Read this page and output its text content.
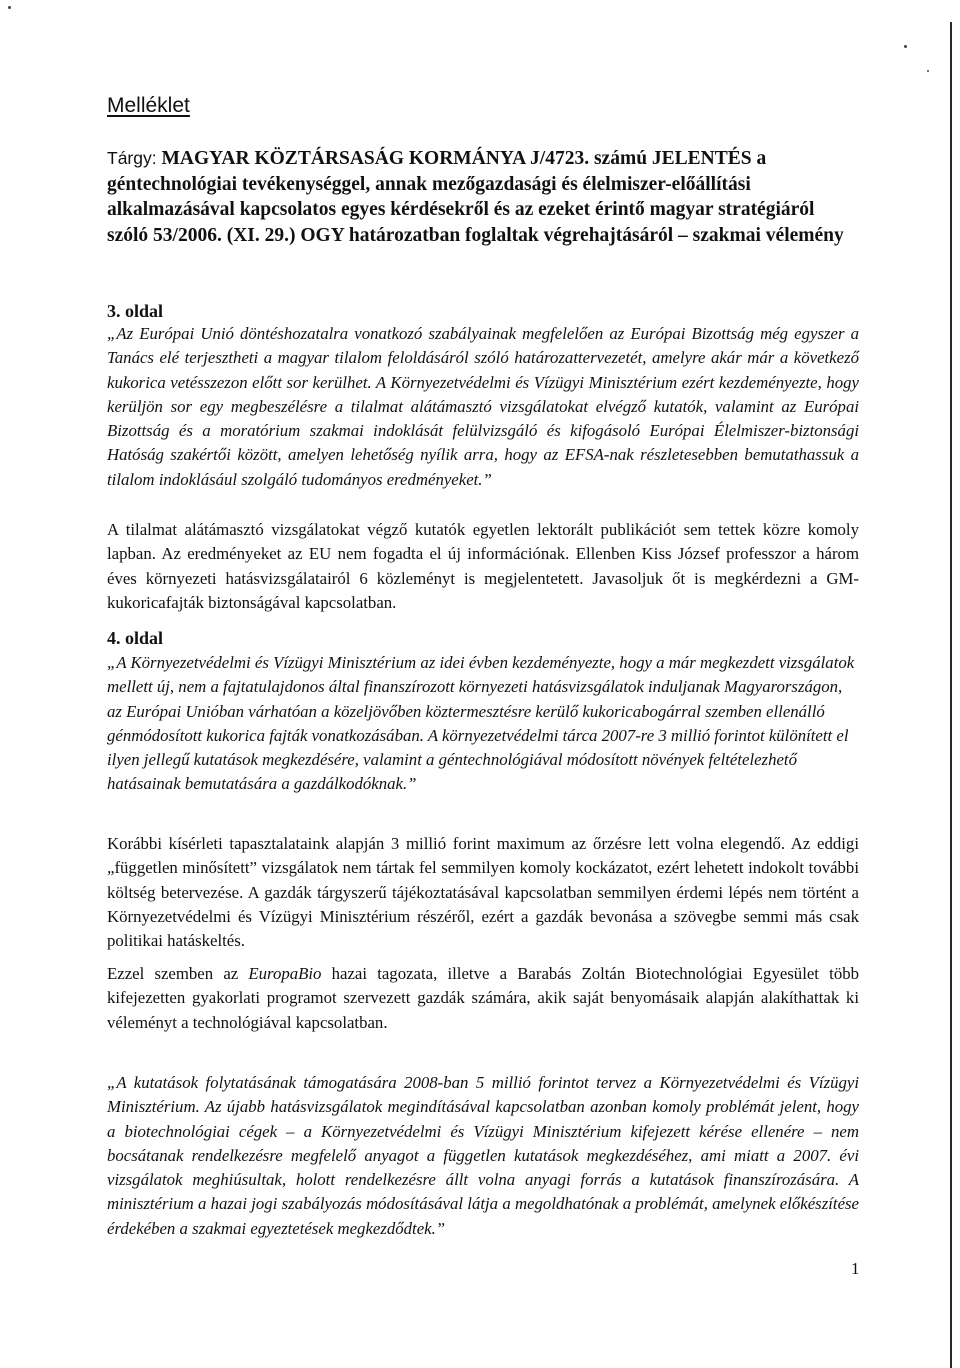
Melléklet
Tárgy: MAGYAR KÖZTÁRSASÁG KORMÁNYA J/4723. számú JELENTÉS a géntechnológiai tevékenységgel, annak mezőgazdasági és élelmiszer-előállítási alkalmazásával kapcsolatos egyes kérdésekről és az ezeket érintő magyar stratégiáról szóló 53/2006. (XI. 29.) OGY határozatban foglaltak végrehajtásáról – szakmai vélemény
3. oldal
„Az Európai Unió döntéshozatalra vonatkozó szabályainak megfelelően az Európai Bizottság még egyszer a Tanács elé terjesztheti a magyar tilalom feloldásáról szóló határozattervezetét, amelyre akár már a következő kukorica vetésszezon előtt sor kerülhet. A Környezetvédelmi és Vízügyi Minisztérium ezért kezdeményezte, hogy kerüljön sor egy megbeszélésre a tilalmat alátámasztó vizsgálatokat elvégző kutatók, valamint az Európai Bizottság és a moratórium szakmai indoklását felülvizsgáló és kifogásoló Európai Élelmiszer-biztonsági Hatóság szakértői között, amelyen lehetőség nyílik arra, hogy az EFSA-nak részletesebben bemutathassuk a tilalom indoklásául szolgáló tudományos eredményeket.”
A tilalmat alátámasztó vizsgálatokat végző kutatók egyetlen lektorált publikációt sem tettek közre komoly lapban. Az eredményeket az EU nem fogadta el új információnak. Ellenben Kiss József professzor a három éves környezeti hatásvizsgálatairól 6 közleményt is megjelentetett. Javasoljuk őt is megkérdezni a GM-kukoricafajták biztonságával kapcsolatban.
4. oldal
„A Környezetvédelmi és Vízügyi Minisztérium az idei évben kezdeményezte, hogy a már megkezdett vizsgálatok mellett új, nem a fajtatulajdonos által finanszírozott környezeti hatásvizsgálatok induljanak Magyarországon, az Európai Unióban várhatóan a közeljövőben köztermesztésre kerülő kukoricabogárral szemben ellenálló génmódosított kukorica fajták vonatkozásában. A környezetvédelmi tárca 2007-re 3 millió forintot különített el ilyen jellegű kutatások megkezdésére, valamint a géntechnológiával módosított növények feltételezhető hatásainak bemutatására a gazdálkodóknak.”
Korábbi kísérleti tapasztalataink alapján 3 millió forint maximum az őrzésre lett volna elegendő. Az eddigi „független minősített” vizsgálatok nem tártak fel semmilyen komoly kockázatot, ezért lehetett indokolt további költség betervezése. A gazdák tárgyszerű tájékoztatásával kapcsolatban semmilyen érdemi lépés nem történt a Környezetvédelmi és Vízügyi Minisztérium részéről, ezért a gazdák bevonása a szövegbe semmi más csak politikai hatáskeltés.
Ezzel szemben az EuropaBio hazai tagozata, illetve a Barabás Zoltán Biotechnológiai Egyesület több kifejezetten gyakorlati programot szervezett gazdák számára, akik saját benyomásaik alapján alakíthattak ki véleményt a technológiával kapcsolatban.
„A kutatások folytatásának támogatására 2008-ban 5 millió forintot tervez a Környezetvédelmi és Vízügyi Minisztérium. Az újabb hatásvizsgálatok megindításával kapcsolatban azonban komoly problémát jelent, hogy a biotechnológiai cégek – a Környezetvédelmi és Vízügyi Minisztérium kifejezett kérése ellenére – nem bocsátanak rendelkezésre megfelelő anyagot a független kutatások megkezdéséhez, ami miatt a 2007. évi vizsgálatok meghiúsultak, holott rendelkezésre állt volna anyagi forrás a kutatások finanszírozására. A minisztérium a hazai jogi szabályozás módosításával látja a megoldhatónak a problémát, amelynek előkészítése érdekében a szakmai egyeztetések megkezdődtek.”
1
